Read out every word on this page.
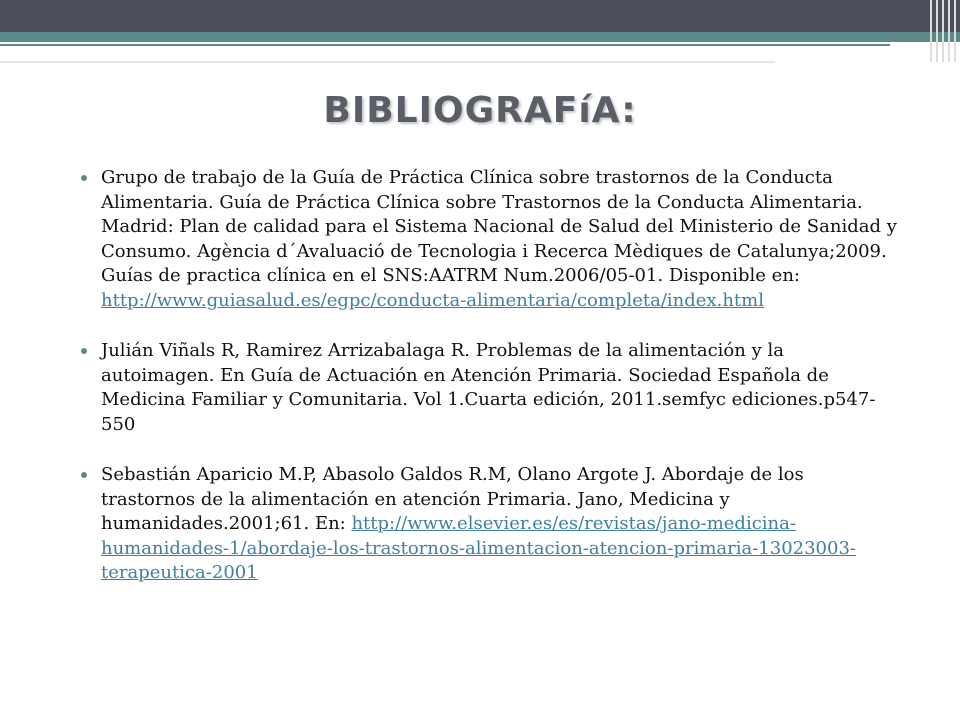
BIBLIOGRAFíA:
Grupo de trabajo de la Guía de Práctica Clínica sobre trastornos de la Conducta Alimentaria. Guía de Práctica Clínica sobre Trastornos de la Conducta Alimentaria. Madrid: Plan de calidad para el Sistema Nacional de Salud del Ministerio de Sanidad y Consumo. Agència d´Avaluació de Tecnologia i Recerca Mèdiques de Catalunya;2009. Guías de practica clínica en el SNS:AATRM Num.2006/05-01. Disponible en: http://www.guiasalud.es/egpc/conducta-alimentaria/completa/index.html
Julián Viñals R, Ramirez Arrizabalaga R. Problemas de la alimentación y la autoimagen. En Guía de Actuación en Atención Primaria. Sociedad Española de Medicina Familiar y Comunitaria. Vol 1.Cuarta edición, 2011.semfyc ediciones.p547-550
Sebastián Aparicio M.P, Abasolo Galdos R.M, Olano Argote J. Abordaje de los trastornos de la alimentación en atención Primaria. Jano, Medicina y humanidades.2001;61. En: http://www.elsevier.es/es/revistas/jano-medicina-humanidades-1/abordaje-los-trastornos-alimentacion-atencion-primaria-13023003-terapeutica-2001
